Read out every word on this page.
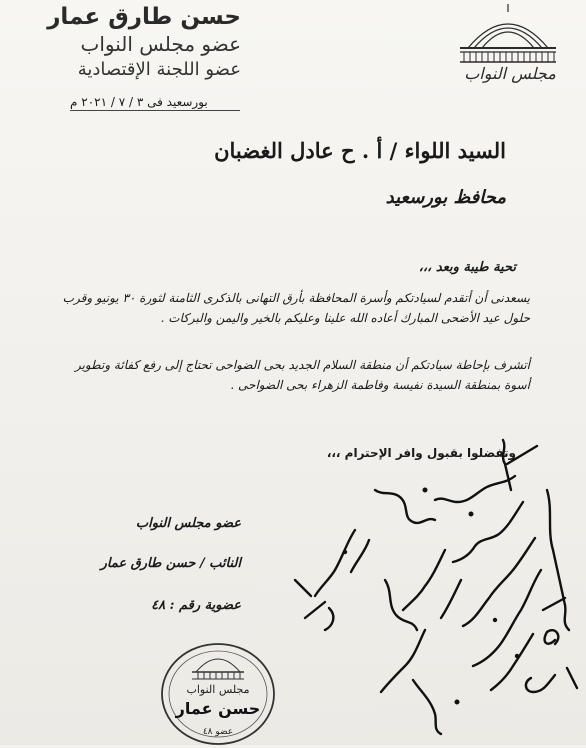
حسن طارق عمار
عضو مجلس النواب
عضو اللجنة الإقتصادية	مجلس النواب
بورسعيد فى ٣ / ٧ / ٢٠٢١ م
السيد اللواء / أ . ح عادل الغضبان
محافظ بورسعيد
تحية طيبة وبعد ،،،
يسعدنى أن أتقدم لسيادتكم وأسرة المحافظة بأرق التهانى بالذكرى الثامنة لثورة ٣٠ يونيو وقرب حلول عيد الأضحى المبارك أعاده الله علينا وعليكم بالخير واليمن والبركات .
أتشرف بإحاطة سيادتكم أن منطقة السلام الجديد بحى الضواحى تحتاج إلى رفع كفائة وتطوير أسوة بمنطقة السيدة نفيسة وفاطمة الزهراء بحى الضواحى .
وتفضلوا بقبول وافر الإحترام ،،،
عضو مجلس النواب
النائب / حسن طارق عمار
عضوية رقم : ٤٨
مجلس النواب
حسن عمار
عضو ٤٨
